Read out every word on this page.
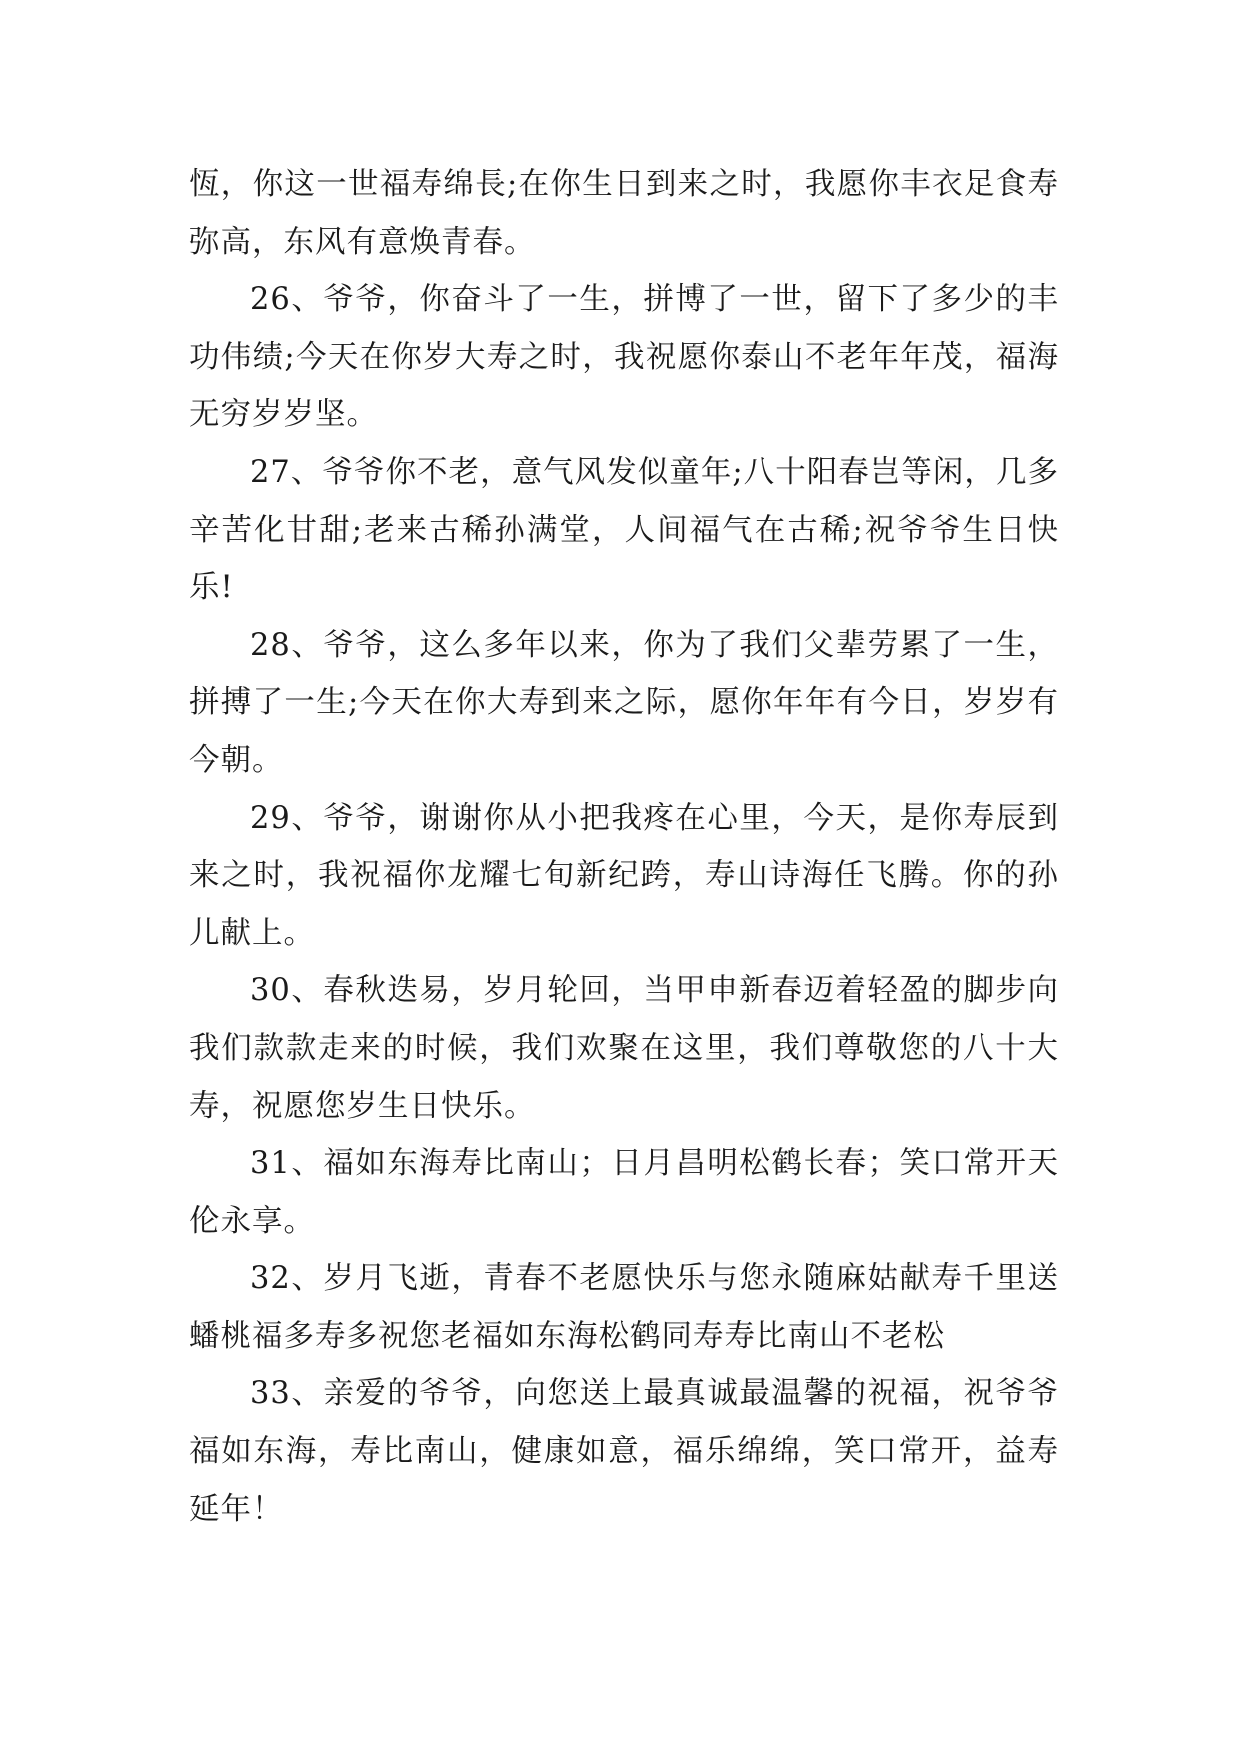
恆，你这一世福寿绵長;在你生日到来之时，我愿你丰衣足食寿弥高，东风有意焕青春。

26、爷爷，你奋斗了一生，拼博了一世，留下了多少的丰功伟绩;今天在你岁大寿之时，我祝愿你泰山不老年年茂，福海无穷岁岁坚。

27、爷爷你不老，意气风发似童年;八十阳春岂等闲，几多辛苦化甘甜;老来古稀孙满堂，人间福气在古稀;祝爷爷生日快乐!

28、爷爷，这么多年以来，你为了我们父辈劳累了一生，拼搏了一生;今天在你大寿到来之际，愿你年年有今日，岁岁有今朝。

29、爷爷，谢谢你从小把我疼在心里，今天，是你寿辰到来之时，我祝福你龙耀七旬新纪跨，寿山诗海任飞腾。你的孙儿献上。

30、春秋迭易，岁月轮回，当甲申新春迈着轻盈的脚步向我们款款走来的时候，我们欢聚在这里，我们尊敬您的八十大寿，祝愿您岁生日快乐。

31、福如东海寿比南山；日月昌明松鹤长春；笑口常开天伦永享。

32、岁月飞逝，青春不老愿快乐与您永随麻姑献寿千里送蟠桃福多寿多祝您老福如东海松鹤同寿寿比南山不老松

33、亲爱的爷爷，向您送上最真诚最温馨的祝福，祝爷爷福如东海，寿比南山，健康如意，福乐绵绵，笑口常开，益寿延年！
